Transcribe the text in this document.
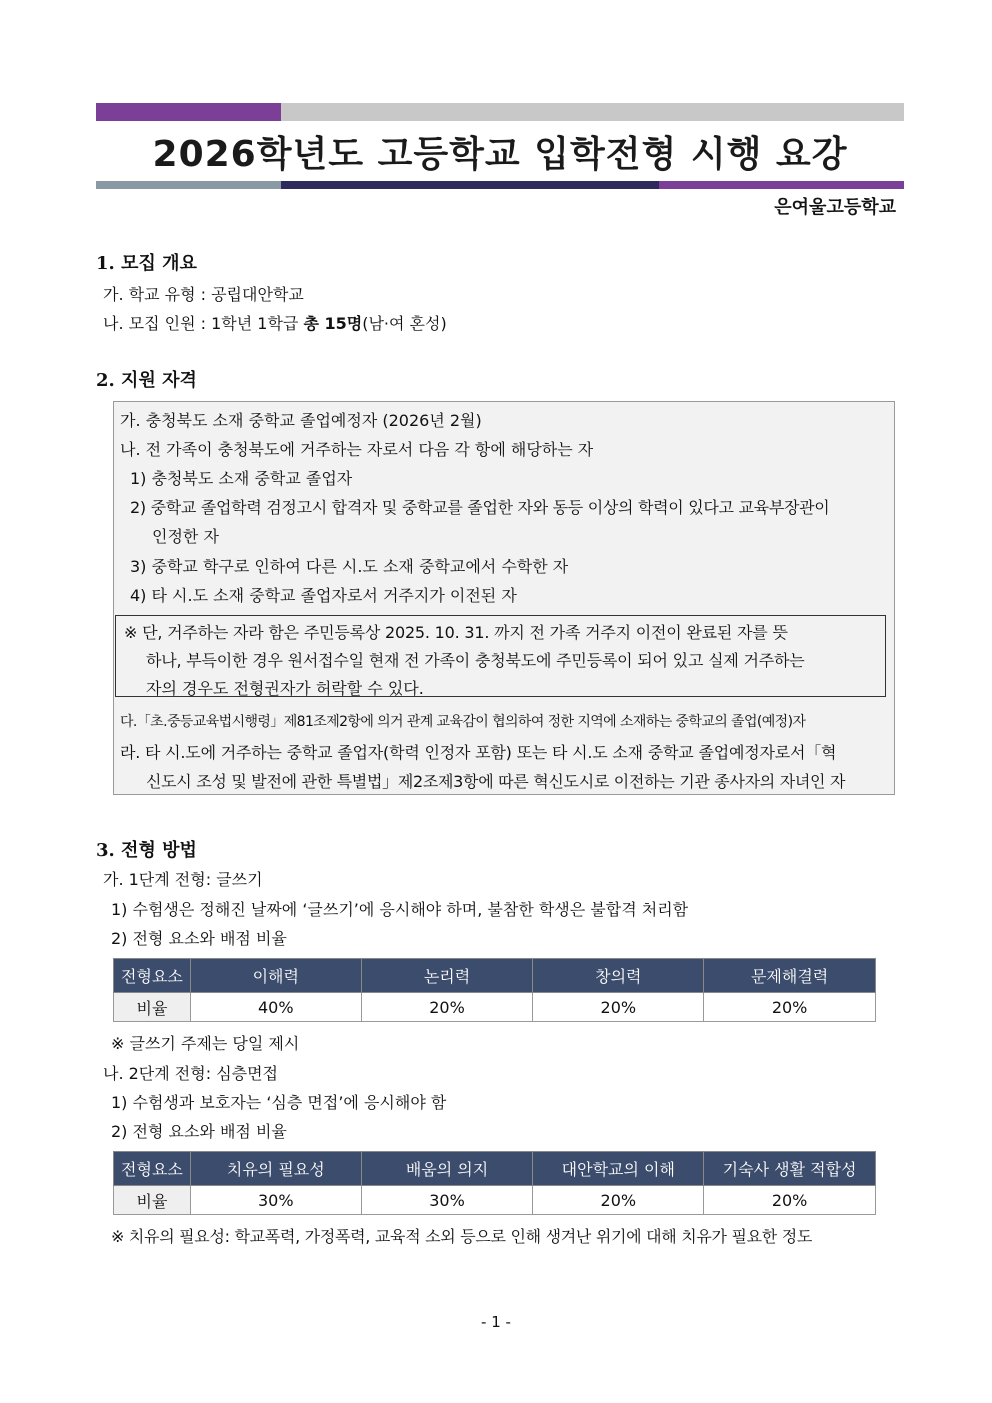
2026학년도 고등학교 입학전형 시행 요강
은여울고등학교
1. 모집 개요
가. 학교 유형 : 공립대안학교
나. 모집 인원 : 1학년 1학급 총 15명(남·여 혼성)
2. 지원 자격
가. 충청북도 소재 중학교 졸업예정자 (2026년 2월)
나. 전 가족이 충청북도에 거주하는 자로서 다음 각 항에 해당하는 자
1) 충청북도 소재 중학교 졸업자
2) 중학교 졸업학력 검정고시 합격자 및 중학교를 졸업한 자와 동등 이상의 학력이 있다고 교육부장관이
인정한 자
3) 중학교 학구로 인하여 다른 시.도 소재 중학교에서 수학한 자
4) 타 시.도 소재 중학교 졸업자로서 거주지가 이전된 자
※ 단, 거주하는 자라 함은 주민등록상 2025. 10. 31. 까지 전 가족 거주지 이전이 완료된 자를 뜻
하나, 부득이한 경우 원서접수일 현재 전 가족이 충청북도에 주민등록이 되어 있고 실제 거주하는
자의 경우도 전형권자가 허락할 수 있다.
다.「초.중등교육법시행령」제81조제2항에 의거 관계 교육감이 협의하여 정한 지역에 소재하는 중학교의 졸업(예정)자
라. 타 시.도에 거주하는 중학교 졸업자(학력 인정자 포함) 또는 타 시.도 소재 중학교 졸업예정자로서「혁
신도시 조성 및 발전에 관한 특별법」제2조제3항에 따른 혁신도시로 이전하는 기관 종사자의 자녀인 자
3. 전형 방법
가. 1단계 전형: 글쓰기
1) 수험생은 정해진 날짜에 ‘글쓰기’에 응시해야 하며, 불참한 학생은 불합격 처리함
2) 전형 요소와 배점 비율
전형요소	이해력	논리력	창의력	문제해결력
비율	40%	20%	20%	20%
※ 글쓰기 주제는 당일 제시
나. 2단계 전형: 심층면접
1) 수험생과 보호자는 ‘심층 면접’에 응시해야 함
2) 전형 요소와 배점 비율
전형요소	치유의 필요성	배움의 의지	대안학교의 이해	기숙사 생활 적합성
비율	30%	30%	20%	20%
※ 치유의 필요성: 학교폭력, 가정폭력, 교육적 소외 등으로 인해 생겨난 위기에 대해 치유가 필요한 정도
- 1 -
